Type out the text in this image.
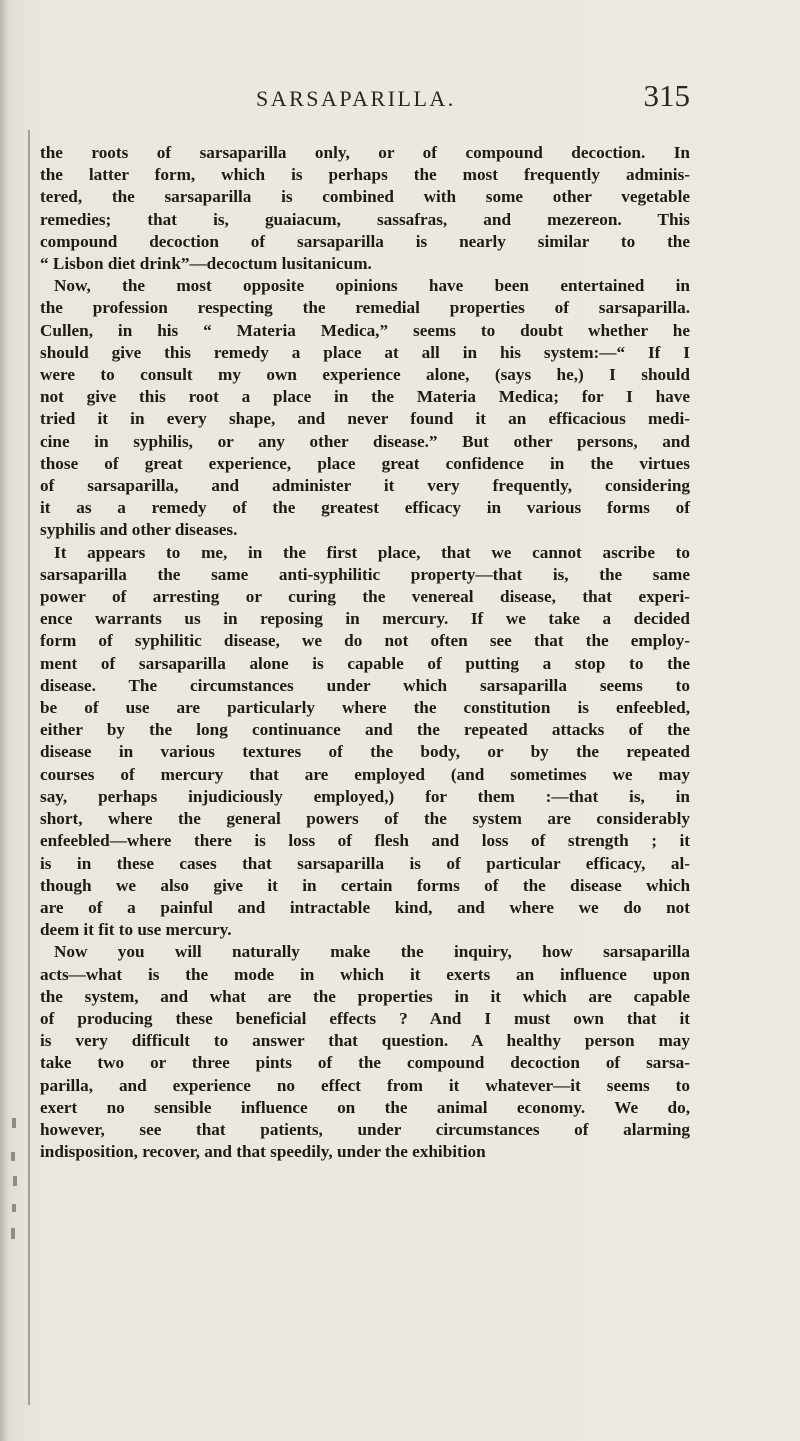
SARSAPARILLA.	315
the roots of sarsaparilla only, or of compound decoction. In
the latter form, which is perhaps the most frequently adminis-
tered, the sarsaparilla is combined with some other vegetable
remedies; that is, guaiacum, sassafras, and mezereon. This
compound decoction of sarsaparilla is nearly similar to the
“ Lisbon diet drink”—decoctum lusitanicum.
Now, the most opposite opinions have been entertained in
the profession respecting the remedial properties of sarsaparilla.
Cullen, in his “ Materia Medica,” seems to doubt whether he
should give this remedy a place at all in his system:—“ If I
were to consult my own experience alone, (says he,) I should
not give this root a place in the Materia Medica; for I have
tried it in every shape, and never found it an efficacious medi-
cine in syphilis, or any other disease.” But other persons, and
those of great experience, place great confidence in the virtues
of sarsaparilla, and administer it very frequently, considering
it as a remedy of the greatest efficacy in various forms of
syphilis and other diseases.
It appears to me, in the first place, that we cannot ascribe to
sarsaparilla the same anti-syphilitic property—that is, the same
power of arresting or curing the venereal disease, that experi-
ence warrants us in reposing in mercury. If we take a decided
form of syphilitic disease, we do not often see that the employ-
ment of sarsaparilla alone is capable of putting a stop to the
disease. The circumstances under which sarsaparilla seems to
be of use are particularly where the constitution is enfeebled,
either by the long continuance and the repeated attacks of the
disease in various textures of the body, or by the repeated
courses of mercury that are employed (and sometimes we may
say, perhaps injudiciously employed,) for them :—that is, in
short, where the general powers of the system are considerably
enfeebled—where there is loss of flesh and loss of strength ; it
is in these cases that sarsaparilla is of particular efficacy, al-
though we also give it in certain forms of the disease which
are of a painful and intractable kind, and where we do not
deem it fit to use mercury.
Now you will naturally make the inquiry, how sarsaparilla
acts—what is the mode in which it exerts an influence upon
the system, and what are the properties in it which are capable
of producing these beneficial effects ? And I must own that it
is very difficult to answer that question. A healthy person may
take two or three pints of the compound decoction of sarsa-
parilla, and experience no effect from it whatever—it seems to
exert no sensible influence on the animal economy. We do,
however, see that patients, under circumstances of alarming
indisposition, recover, and that speedily, under the exhibition
